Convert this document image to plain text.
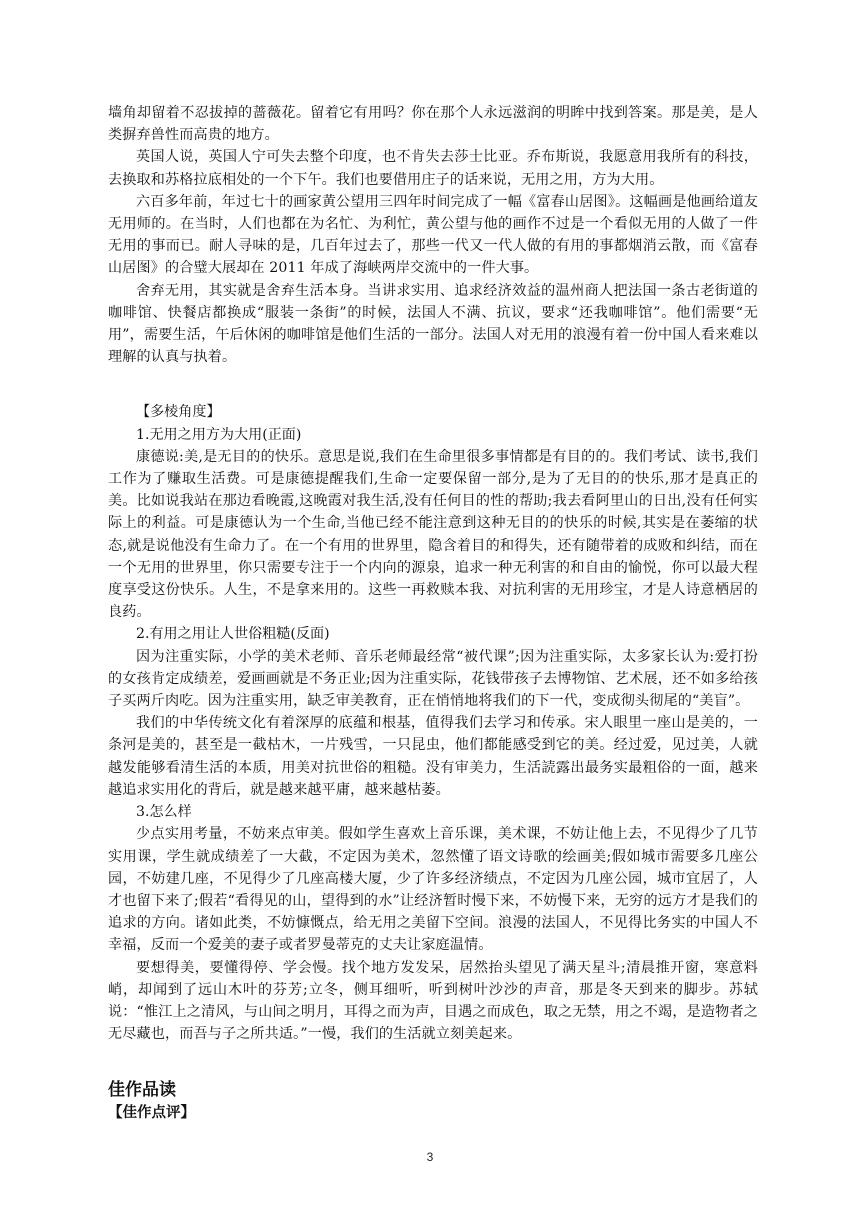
墙角却留着不忍拔掉的蔷薇花。留着它有用吗？你在那个人永远滋润的明眸中找到答案。那是美，是人类摒弃兽性而高贵的地方。

英国人说，英国人宁可失去整个印度，也不肯失去莎士比亚。乔布斯说，我愿意用我所有的科技，去换取和苏格拉底相处的一个下午。我们也要借用庄子的话来说，无用之用，方为大用。

六百多年前，年过七十的画家黄公望用三四年时间完成了一幅《富春山居图》。这幅画是他画给道友无用师的。在当时，人们也都在为名忙、为利忙，黄公望与他的画作不过是一个看似无用的人做了一件无用的事而已。耐人寻味的是，几百年过去了，那些一代又一代人做的有用的事都烟消云散，而《富春山居图》的合璧大展却在 2011 年成了海峡两岸交流中的一件大事。

舍弃无用，其实就是舍弃生活本身。当讲求实用、追求经济效益的温州商人把法国一条古老街道的咖啡馆、快餐店都换成“服装一条街”的时候，法国人不满、抗议，要求“还我咖啡馆”。他们需要“无用”，需要生活，午后休闲的咖啡馆是他们生活的一部分。法国人对无用的浪漫有着一份中国人看来难以理解的认真与执着。

【多棱角度】

1.无用之用方为大用(正面)

康德说:美,是无目的的快乐。意思是说,我们在生命里很多事情都是有目的的。我们考试、读书,我们工作为了赚取生活费。可是康德提醒我们,生命一定要保留一部分,是为了无目的的快乐,那才是真正的美。比如说我站在那边看晚霞,这晚霞对我生活,没有任何目的性的帮助;我去看阿里山的日出,没有任何实际上的利益。可是康德认为一个生命,当他已经不能注意到这种无目的的快乐的时候,其实是在萎缩的状态,就是说他没有生命力了。在一个有用的世界里，隐含着目的和得失，还有随带着的成败和纠结，而在一个无用的世界里，你只需要专注于一个内向的源泉，追求一种无利害的和自由的愉悦，你可以最大程度享受这份快乐。人生，不是拿来用的。这些一再救赎本我、对抗利害的无用珍宝，才是人诗意栖居的良药。

2.有用之用让人世俗粗糙(反面)

因为注重实际，小学的美术老师、音乐老师最经常“被代课”;因为注重实际，太多家长认为:爱打扮的女孩肯定成绩差，爱画画就是不务正业;因为注重实际，花钱带孩子去博物馆、艺术展，还不如多给孩子买两斤肉吃。因为注重实用，缺乏审美教育，正在悄悄地将我们的下一代，变成彻头彻尾的“美盲”。

我们的中华传统文化有着深厚的底蕴和根基，值得我们去学习和传承。宋人眼里一座山是美的，一条河是美的，甚至是一截枯木，一片残雪，一只昆虫，他们都能感受到它的美。经过爱，见过美，人就越发能够看清生活的本质，用美对抗世俗的粗糙。没有审美力，生活読露出最务实最粗俗的一面，越来越追求实用化的背后，就是越来越平庸，越来越枯萎。

3.怎么样

少点实用考量，不妨来点审美。假如学生喜欢上音乐课，美术课，不妨让他上去，不见得少了几节实用课，学生就成绩差了一大截，不定因为美术，忽然懂了语文诗歌的绘画美;假如城市需要多几座公园，不妨建几座，不见得少了几座高楼大厦，少了许多经济绩点，不定因为几座公园，城市宜居了，人才也留下来了;假若“看得见的山，望得到的水”让经济暂时慢下来，不妨慢下来，无穷的远方才是我们的追求的方向。诸如此类，不妨慷慨点，给无用之美留下空间。浪漫的法国人，不见得比务实的中国人不幸福，反而一个爱美的妻子或者罗曼蒂克的丈夫让家庭温情。

要想得美，要懂得停、学会慢。找个地方发发呆，居然抬头望见了满天星斗;清晨推开窗，寒意料峭，却闻到了远山木叶的芬芳;立冬，侧耳细听，听到树叶沙沙的声音，那是冬天到来的脚步。苏轼说：“惟江上之清风，与山间之明月，耳得之而为声，目遇之而成色，取之无禁，用之不竭，是造物者之无尽藏也，而吾与子之所共适。”一慢，我们的生活就立刻美起来。

佳作品读

【佳作点评】

3
